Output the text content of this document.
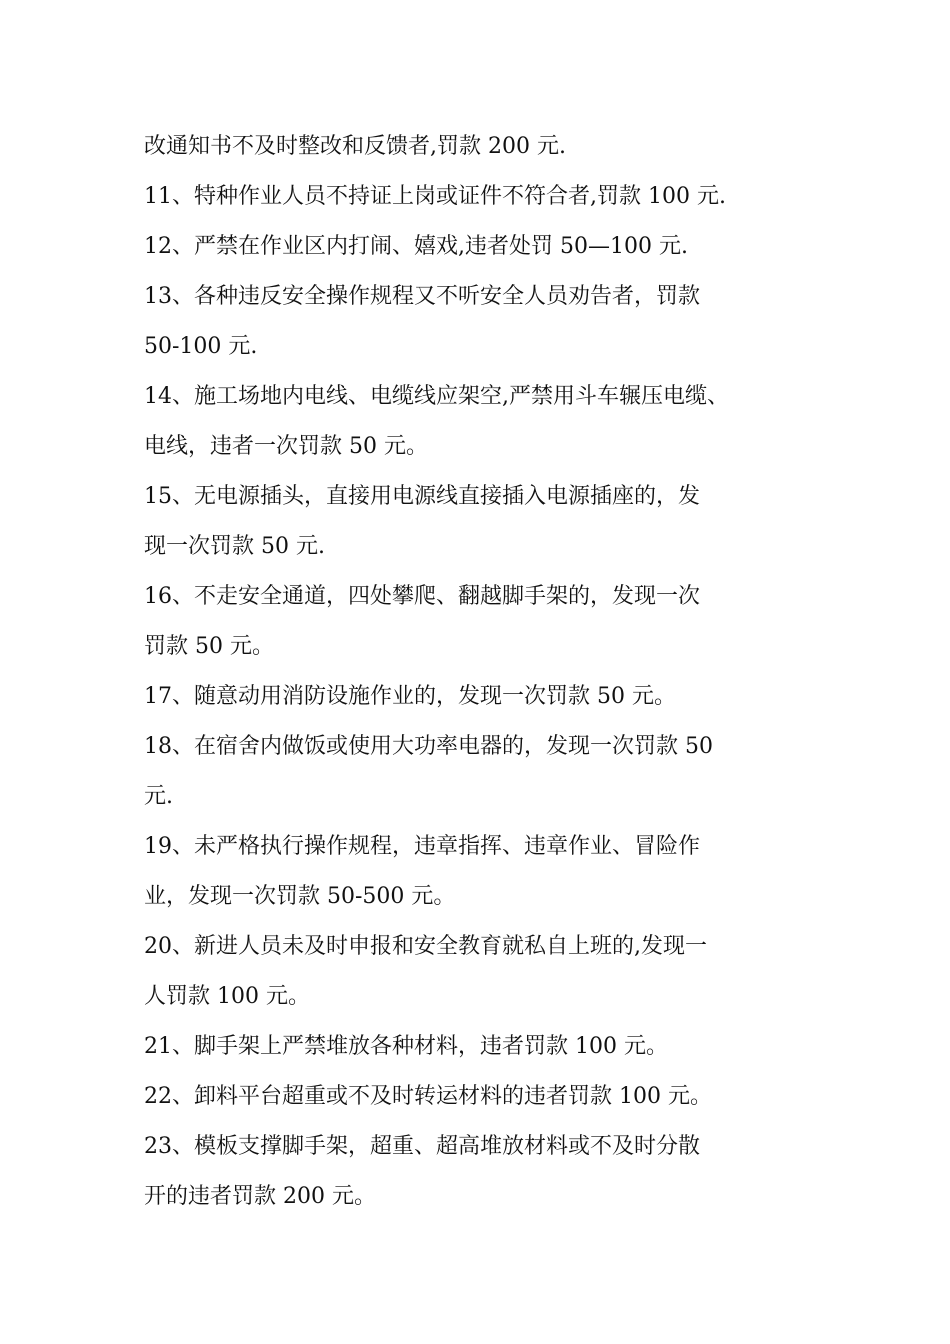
改通知书不及时整改和反馈者,罚款 200 元.
11、特种作业人员不持证上岗或证件不符合者,罚款 100 元.
12、严禁在作业区内打闹、嬉戏,违者处罚 50—100 元.
13、各种违反安全操作规程又不听安全人员劝告者，罚款
50-100 元.
14、施工场地内电线、电缆线应架空,严禁用斗车辗压电缆、
电线，违者一次罚款 50 元。
15、无电源插头，直接用电源线直接插入电源插座的，发
现一次罚款 50 元.
16、不走安全通道，四处攀爬、翻越脚手架的，发现一次
罚款 50 元。
17、随意动用消防设施作业的，发现一次罚款 50 元。
18、在宿舍内做饭或使用大功率电器的，发现一次罚款 50
元.
19、未严格执行操作规程，违章指挥、违章作业、冒险作
业，发现一次罚款 50-500 元。
20、新进人员未及时申报和安全教育就私自上班的,发现一
人罚款 100 元。
21、脚手架上严禁堆放各种材料，违者罚款 100 元。
22、卸料平台超重或不及时转运材料的违者罚款 100 元。
23、模板支撑脚手架，超重、超高堆放材料或不及时分散
开的违者罚款 200 元。
